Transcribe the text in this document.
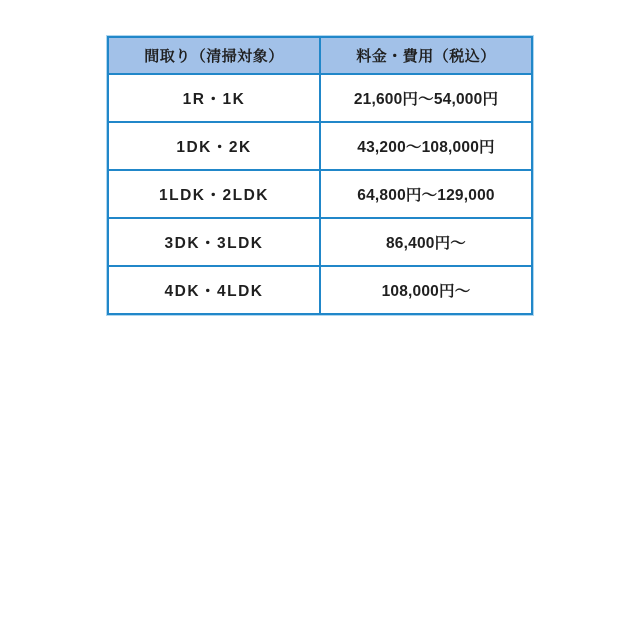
間取り（清掃対象）	料金・費用（税込）
1R・1K	21,600円〜54,000円
1DK・2K	43,200〜108,000円
1LDK・2LDK	64,800円〜129,000
3DK・3LDK	86,400円〜
4DK・4LDK	108,000円〜
